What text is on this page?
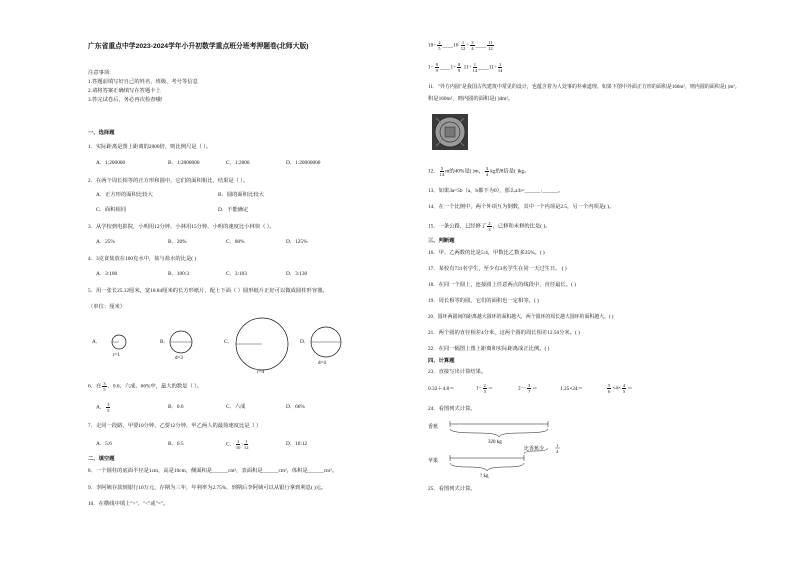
广东省重点中学2023-2024学年小升初数学重点班分班考押题卷(北师大版)
注意事项:
1.答题前填写好自己的姓名、班级、考号等信息
2.请将答案正确填写在答题卡上
3.答完试卷后，务必再次检查哦!
一、选择题
1．实际距离是图上距离的2000倍，则比例尺是（ ）。
A．1:200000	B．1:2000000	C．1:2000	D．1:20000000
2．在两个周长相等的正方形和圆中，它们的面积相比，结果是（ ）。
A．正方形的面积比较大	B．圆的面积比较大
C．面积相同	D．不能确定
3．从学校到电影院，小明用12分钟，小林用15分钟，小明的速度比小林快（ ）。
A．25%	B．20%	C．80%	D．125%
4．3克食盐放在100克水中，盐与盐水的比是( )
A．3:100	B．100:3	C．3:103	D．3:130
5．用一张长25.12厘米，宽18.84厘米的长方形纸片，配上下面（ ）圆形纸片正好可以做成圆柱形容器。
（单位：厘米）
A．	B．	C．	D．
r=1
d=3
r=4
d=4
6．在 $\frac{3}{5}$ 、0.6、六成、66%中，最大的数是（ ）。
A． $\frac{3}{5}$	B．0.6	C．六成	D．66%
7．走同一段路，甲要10分钟，乙要12分钟，甲乙两人的最简速度比是（ ）
A．5:6	B．6:5	C． $\frac{1}{10}$ : $\frac{1}{12}$	D．10:12
二、填空题
8．一个圆柱的底面半径是1cm，高是10cm，侧面积是______cm²，表面积是______cm²，体积是______cm³。
9．李阿姨存款到银行10万元，存期为三年，年利率为2.75%，到期后李阿姨可以从银行拿到利息( )元。
10．在横线中填上">"、"<"或"="。
$10\div \frac{2}{5}$ ____10 $\frac{1}{12} \div \frac{3}{4}$ ____ $\frac{11}{12}$
$1\div \frac{8}{9}$ ____1÷ $\frac{8}{9} 11\div \frac{1}{14}$ ____11÷ $\frac{1}{14}$
11．"外方内圆"是我国古代建筑中常见的设计，也蕴含着为人处事的朴素道理。如果下图中外面正方形的面积是160m²，则内圆的面积是( )m²。
积是160m²，则内圆的面积是( )dm²。
12． $\frac{5}{14}$ m的40%是( )m， $\frac{3}{4}$ kg的8倍是( )kg。
13．如果3a=5b（a，b都不为0），那么a:b=______:______。
14．在一个比例中，两个外项互为倒数，其中一个内项是2.5，另一个内项是( )。
15．一条公路，已经修了 $\frac{2}{3}$ ，已修和未修的比是( )。
三、判断题
16．甲、乙两数的比是5:4，甲数比乙数多25%。( )
17．某校有731名学生，至少有3名学生在同一天过生日。 ( )
18．在同一个圆上，连接圆上任意两点的线段中，直径最长。( )
19．周长相等的圆，它们的面积也一定相等。( )
20．圆环两圆间的距离越大圆环的面积越大，两个圆环的周长越大圆环的面积越大。( )
21．两个圆的直径相差4分米，这两个圆的周长相差12.56分米。( )
22．在同一幅图上图上距离和实际距离成正比例。( )
四、计算题
23．直接写出计算结果。
0.32＋4.8＝	$1\div \frac{2}{3}$ ＝	$2- \frac{3}{7}$ ＝	1.25×24＝	$\frac{5}{6} \times 4\times \frac{4}{5}$ ＝
24．看图列式计算。
香蕉
320 kg
比香蕉少
1
4
苹果
? kg
25．看图列式计算。
